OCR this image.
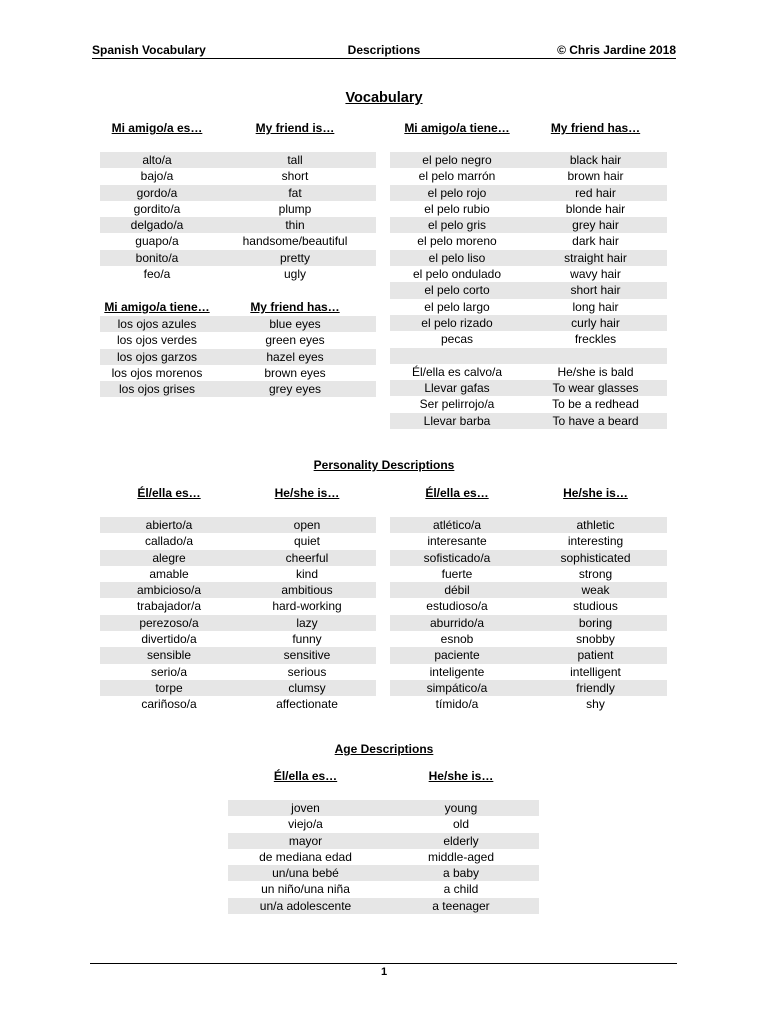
Spanish Vocabulary	Descriptions	© Chris Jardine 2018
Vocabulary
Mi amigo/a es…	My friend is…
alto/a	tall
bajo/a	short
gordo/a	fat
gordito/a	plump
delgado/a	thin
guapo/a	handsome/beautiful
bonito/a	pretty
feo/a	ugly
Mi amigo/a tiene…	My friend has…
los ojos azules	blue eyes
los ojos verdes	green eyes
los ojos garzos	hazel eyes
los ojos morenos	brown eyes
los ojos grises	grey eyes
Mi amigo/a tiene…	My friend has…
el pelo negro	black hair
el pelo marrón	brown hair
el pelo rojo	red hair
el pelo rubio	blonde hair
el pelo gris	grey hair
el pelo moreno	dark hair
el pelo liso	straight hair
el pelo ondulado	wavy hair
el pelo corto	short hair
el pelo largo	long hair
el pelo rizado	curly hair
pecas	freckles
Él/ella es calvo/a	He/she is bald
Llevar gafas	To wear glasses
Ser pelirrojo/a	To be a redhead
Llevar barba	To have a beard
Personality Descriptions
Él/ella es…	He/she is…
abierto/a	open
callado/a	quiet
alegre	cheerful
amable	kind
ambicioso/a	ambitious
trabajador/a	hard-working
perezoso/a	lazy
divertido/a	funny
sensible	sensitive
serio/a	serious
torpe	clumsy
cariñoso/a	affectionate
Él/ella es…	He/she is…
atlético/a	athletic
interesante	interesting
sofisticado/a	sophisticated
fuerte	strong
débil	weak
estudioso/a	studious
aburrido/a	boring
esnob	snobby
paciente	patient
inteligente	intelligent
simpático/a	friendly
tímido/a	shy
Age Descriptions
Él/ella es…	He/she is…
joven	young
viejo/a	old
mayor	elderly
de mediana edad	middle-aged
un/una bebé	a baby
un niño/una niña	a child
un/a adolescente	a teenager
1
